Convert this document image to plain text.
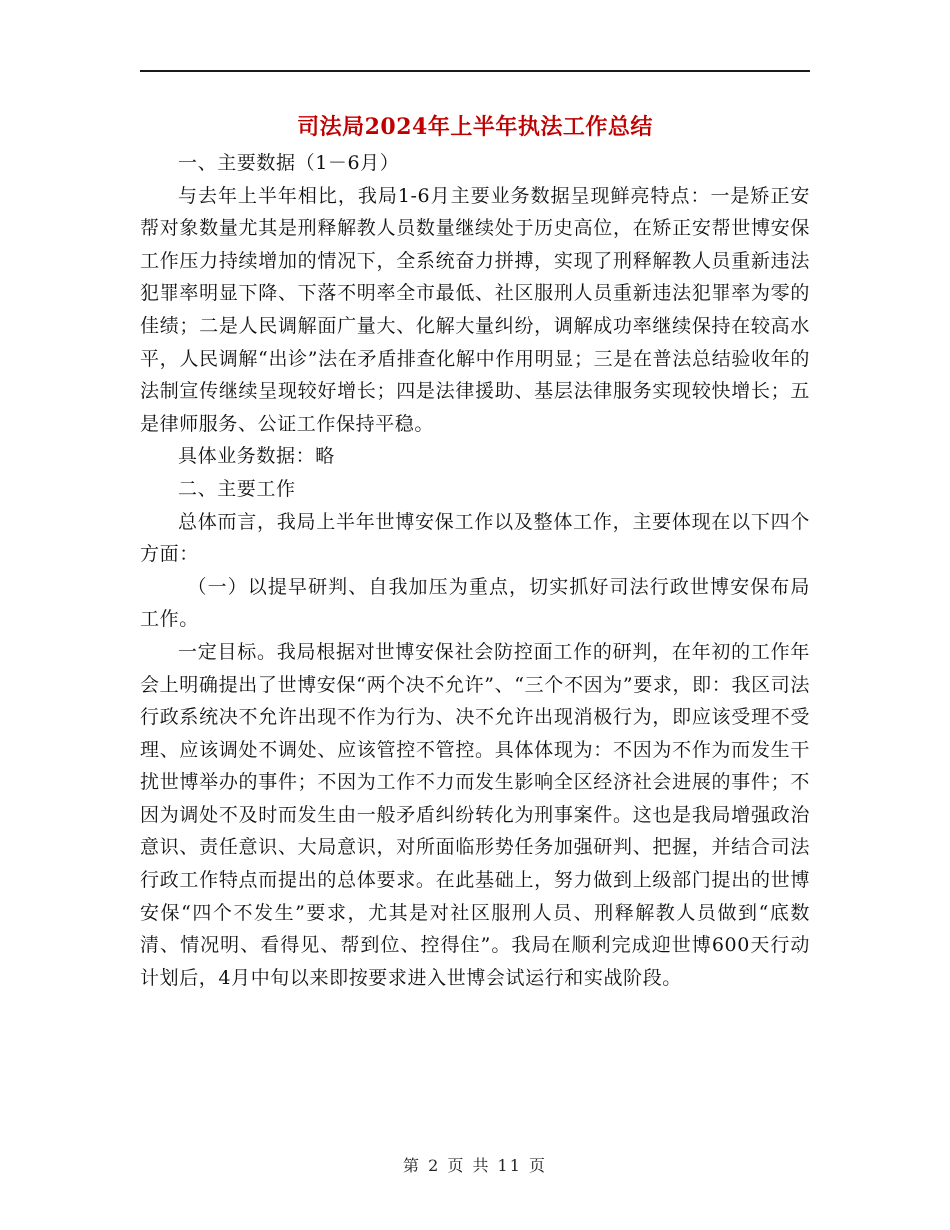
司法局2024年上半年执法工作总结

一、主要数据（1－6月）

与去年上半年相比，我局1-6月主要业务数据呈现鲜亮特点：一是矫正安帮对象数量尤其是刑释解教人员数量继续处于历史高位，在矫正安帮世博安保工作压力持续增加的情况下，全系统奋力拼搏，实现了刑释解教人员重新违法犯罪率明显下降、下落不明率全市最低、社区服刑人员重新违法犯罪率为零的佳绩；二是人民调解面广量大、化解大量纠纷，调解成功率继续保持在较高水平，人民调解“出诊”法在矛盾排查化解中作用明显；三是在普法总结验收年的法制宣传继续呈现较好增长；四是法律援助、基层法律服务实现较快增长；五是律师服务、公证工作保持平稳。

具体业务数据：略

二、主要工作

总体而言，我局上半年世博安保工作以及整体工作，主要体现在以下四个方面：

（一）以提早研判、自我加压为重点，切实抓好司法行政世博安保布局工作。

一定目标。我局根据对世博安保社会防控面工作的研判，在年初的工作年会上明确提出了世博安保“两个决不允许”、“三个不因为”要求，即：我区司法行政系统决不允许出现不作为行为、决不允许出现消极行为，即应该受理不受理、应该调处不调处、应该管控不管控。具体体现为：不因为不作为而发生干扰世博举办的事件；不因为工作不力而发生影响全区经济社会进展的事件；不因为调处不及时而发生由一般矛盾纠纷转化为刑事案件。这也是我局增强政治意识、责任意识、大局意识，对所面临形势任务加强研判、把握，并结合司法行政工作特点而提出的总体要求。在此基础上，努力做到上级部门提出的世博安保“四个不发生”要求，尤其是对社区服刑人员、刑释解教人员做到“底数清、情况明、看得见、帮到位、控得住”。我局在顺利完成迎世博600天行动计划后，4月中旬以来即按要求进入世博会试运行和实战阶段。

第 2 页 共 11 页
